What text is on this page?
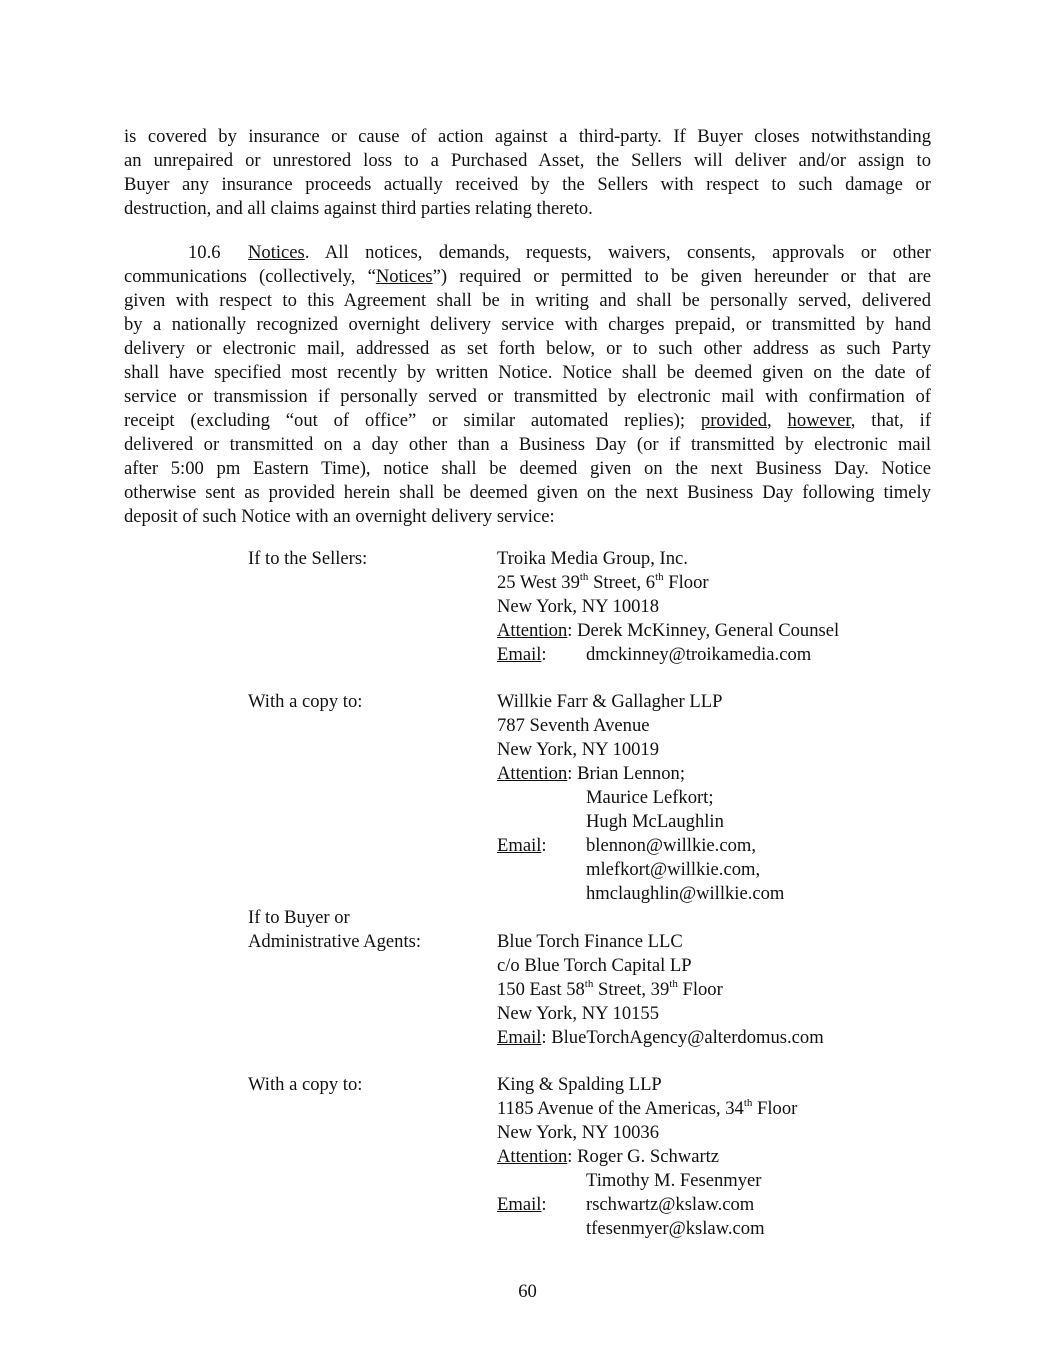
is covered by insurance or cause of action against a third-party. If Buyer closes notwithstanding
an unrepaired or unrestored loss to a Purchased Asset, the Sellers will deliver and/or assign to
Buyer any insurance proceeds actually received by the Sellers with respect to such damage or
destruction, and all claims against third parties relating thereto.
10.6 Notices. All notices, demands, requests, waivers, consents, approvals or other
communications (collectively, “Notices”) required or permitted to be given hereunder or that are
given with respect to this Agreement shall be in writing and shall be personally served, delivered
by a nationally recognized overnight delivery service with charges prepaid, or transmitted by hand
delivery or electronic mail, addressed as set forth below, or to such other address as such Party
shall have specified most recently by written Notice. Notice shall be deemed given on the date of
service or transmission if personally served or transmitted by electronic mail with confirmation of
receipt (excluding “out of office” or similar automated replies); provided, however, that, if
delivered or transmitted on a day other than a Business Day (or if transmitted by electronic mail
after 5:00 pm Eastern Time), notice shall be deemed given on the next Business Day. Notice
otherwise sent as provided herein shall be deemed given on the next Business Day following timely
deposit of such Notice with an overnight delivery service:
If to the Sellers:	Troika Media Group, Inc.
25 West 39th Street, 6th Floor
New York, NY 10018
Attention: Derek McKinney, General Counsel
Email: dmckinney@troikamedia.com
With a copy to:	Willkie Farr & Gallagher LLP
787 Seventh Avenue
New York, NY 10019
Attention: Brian Lennon;
Maurice Lefkort;
Hugh McLaughlin
Email: blennon@willkie.com,
mlefkort@willkie.com,
hmclaughlin@willkie.com
If to Buyer or
Administrative Agents:	Blue Torch Finance LLC
c/o Blue Torch Capital LP
150 East 58th Street, 39th Floor
New York, NY 10155
Email: BlueTorchAgency@alterdomus.com
With a copy to:	King & Spalding LLP
1185 Avenue of the Americas, 34th Floor
New York, NY 10036
Attention: Roger G. Schwartz
Timothy M. Fesenmyer
Email: rschwartz@kslaw.com
tfesenmyer@kslaw.com
60
